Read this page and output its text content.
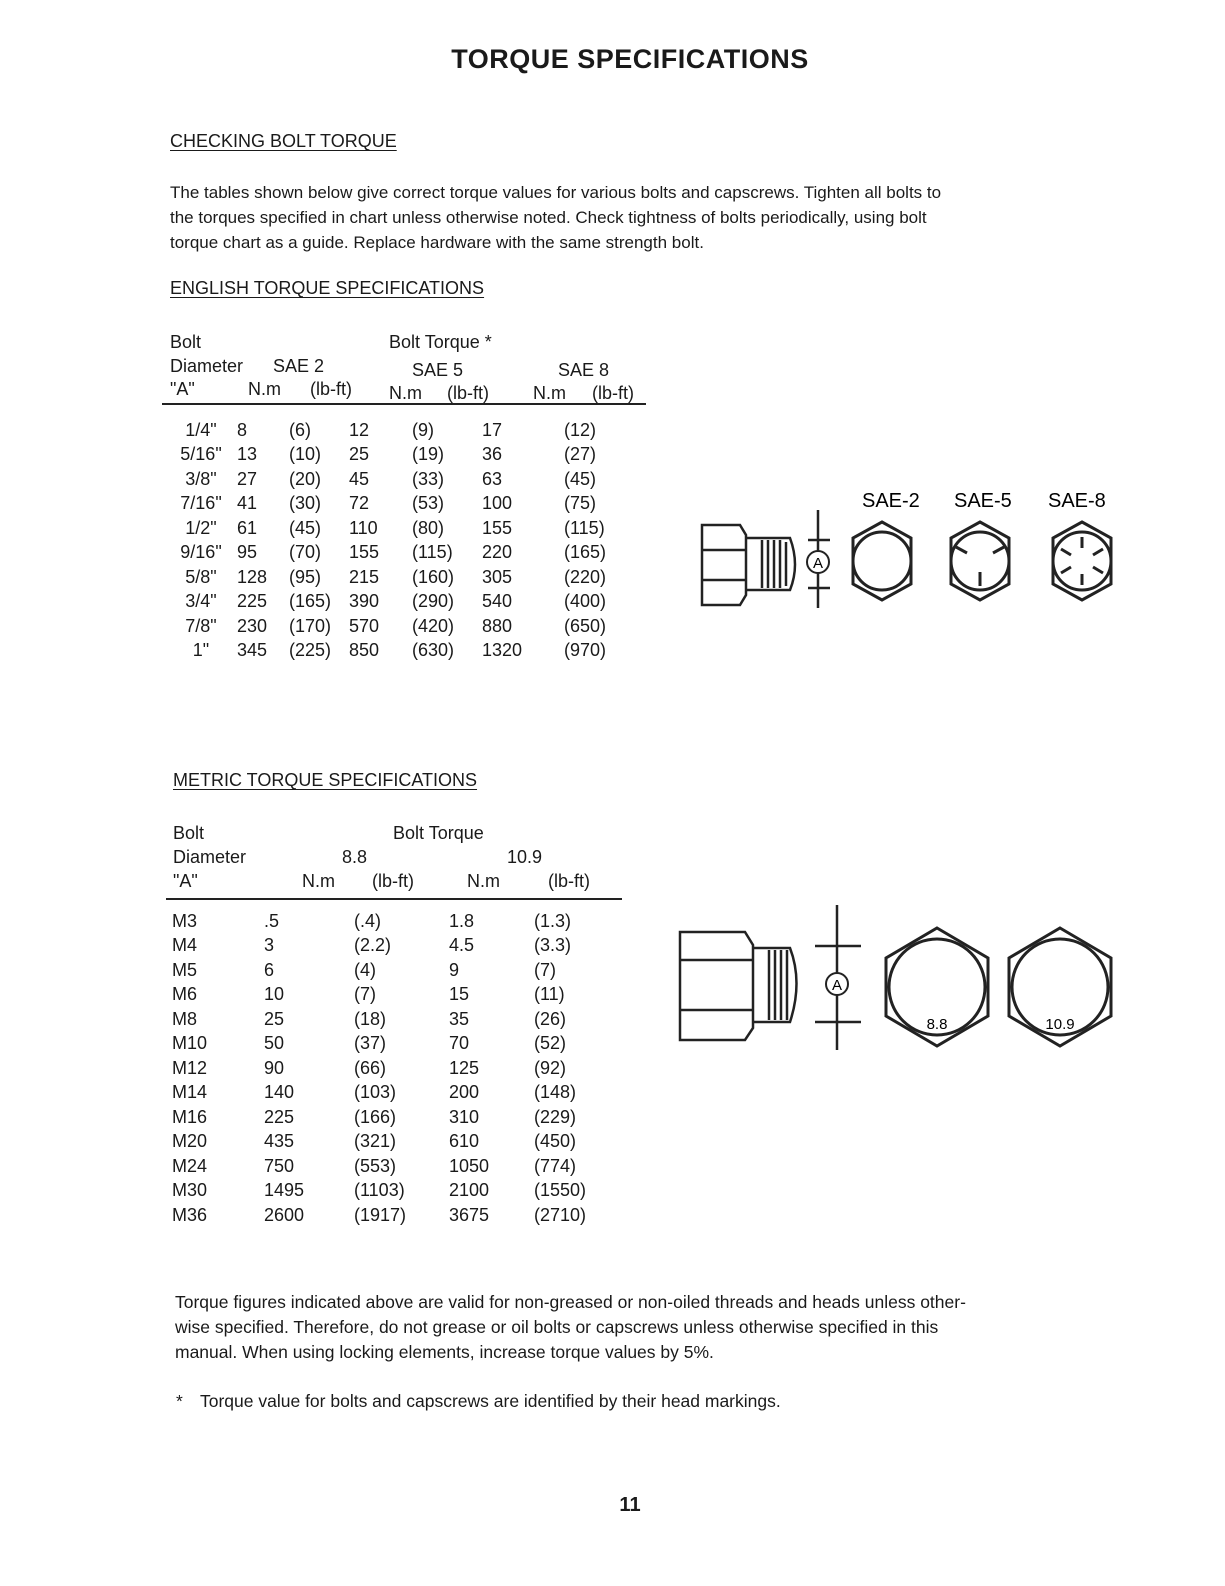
TORQUE SPECIFICATIONS
CHECKING BOLT TORQUE
The tables shown below give correct torque values for various bolts and capscrews. Tighten all bolts to
the torques specified in chart unless otherwise noted. Check tightness of bolts periodically, using bolt
torque chart as a guide. Replace hardware with the same strength bolt.
ENGLISH TORQUE SPECIFICATIONS
Bolt	Bolt Torque *
Diameter SAE 2	SAE 5	SAE 8
"A"	N.m (lb-ft) N.m (lb-ft) N.m (lb-ft)
1/4"	8	(6)	12	(9)	17	(12)
5/16"	13	(10)	25	(19)	36	(27)
3/8"	27	(20)	45	(33)	63	(45)
7/16"	41	(30)	72	(53)	100	(75)
1/2"	61	(45)	110	(80)	155	(115)
9/16"	95	(70)	155	(115)	220	(165)
5/8"	128	(95)	215	(160)	305	(220)
3/4"	225	(165)	390	(290)	540	(400)
7/8"	230	(170)	570	(420)	880	(650)
1"	345	(225)	850	(630)	1320	(970)
SAE-2 SAE-5 SAE-8
A
METRIC TORQUE SPECIFICATIONS
Bolt	Bolt Torque
Diameter	8.8	10.9
"A"	N.m (lb-ft)	N.m	(lb-ft)
M3	.5	(.4)	1.8	(1.3)
M4	3	(2.2)	4.5	(3.3)
M5	6	(4)	9	(7)
M6	10	(7)	15	(11)
M8	25	(18)	35	(26)
M10	50	(37)	70	(52)
M12	90	(66)	125	(92)
M14	140	(103)	200	(148)
M16	225	(166)	310	(229)
M20	435	(321)	610	(450)
M24	750	(553)	1050	(774)
M30	1495	(1103)	2100	(1550)
M36	2600	(1917)	3675	(2710)
A
8.8	10.9
Torque figures indicated above are valid for non-greased or non-oiled threads and heads unless other-
wise specified. Therefore, do not grease or oil bolts or capscrews unless otherwise specified in this
manual. When using locking elements, increase torque values by 5%.
* Torque value for bolts and capscrews are identified by their head markings.
11
